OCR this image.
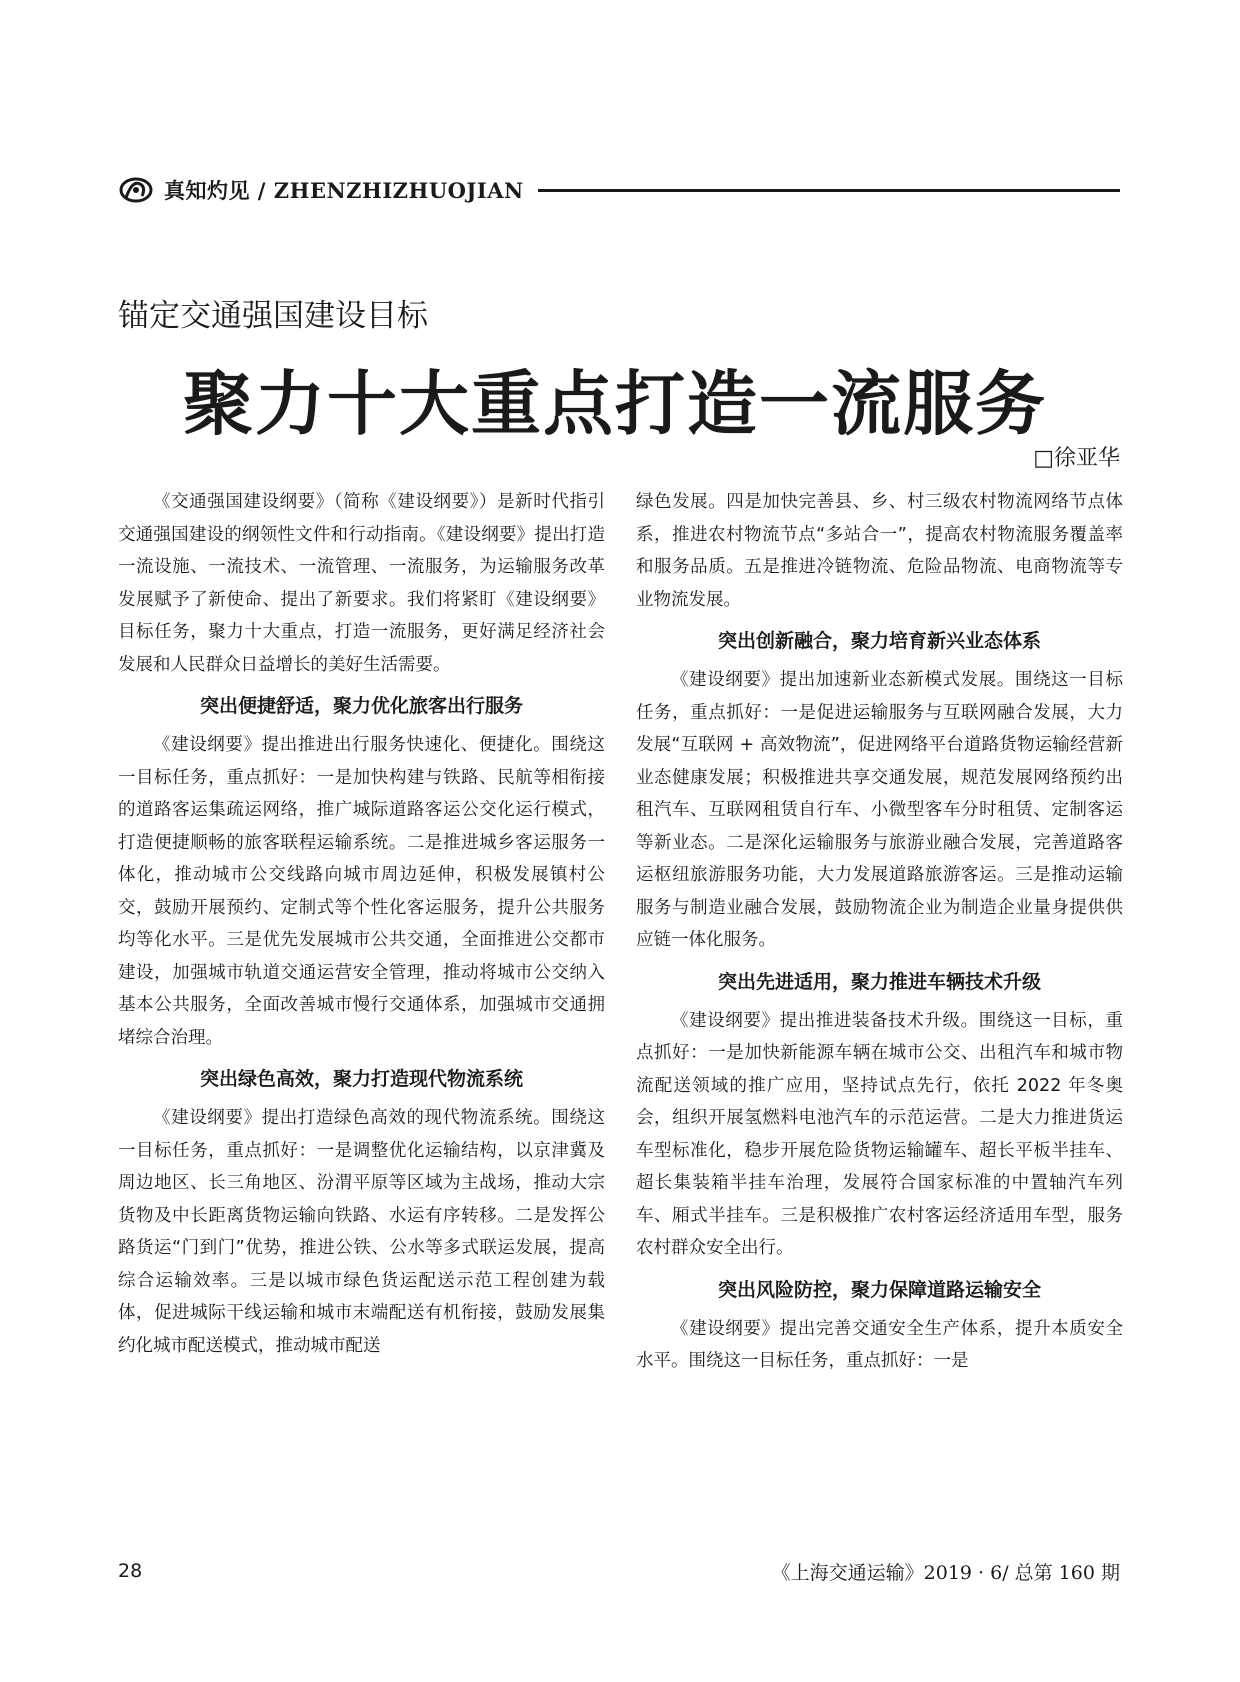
真知灼见 / ZHENZHIZHUOJIAN
锚定交通强国建设目标
聚力十大重点打造一流服务
□徐亚华

《交通强国建设纲要》（简称《建设纲要》）是新时代指引交通强国建设的纲领性文件和行动指南。《建设纲要》提出打造一流设施、一流技术、一流管理、一流服务，为运输服务改革发展赋予了新使命、提出了新要求。我们将紧盯《建设纲要》目标任务，聚力十大重点，打造一流服务，更好满足经济社会发展和人民群众日益增长的美好生活需要。

突出便捷舒适，聚力优化旅客出行服务

《建设纲要》提出推进出行服务快速化、便捷化。围绕这一目标任务，重点抓好：一是加快构建与铁路、民航等相衔接的道路客运集疏运网络，推广城际道路客运公交化运行模式，打造便捷顺畅的旅客联程运输系统。二是推进城乡客运服务一体化，推动城市公交线路向城市周边延伸，积极发展镇村公交，鼓励开展预约、定制式等个性化客运服务，提升公共服务均等化水平。三是优先发展城市公共交通，全面推进公交都市建设，加强城市轨道交通运营安全管理，推动将城市公交纳入基本公共服务，全面改善城市慢行交通体系，加强城市交通拥堵综合治理。

突出绿色高效，聚力打造现代物流系统

《建设纲要》提出打造绿色高效的现代物流系统。围绕这一目标任务，重点抓好：一是调整优化运输结构，以京津冀及周边地区、长三角地区、汾渭平原等区域为主战场，推动大宗货物及中长距离货物运输向铁路、水运有序转移。二是发挥公路货运“门到门”优势，推进公铁、公水等多式联运发展，提高综合运输效率。三是以城市绿色货运配送示范工程创建为载体，促进城际干线运输和城市末端配送有机衔接，鼓励发展集约化城市配送模式，推动城市配送

绿色发展。四是加快完善县、乡、村三级农村物流网络节点体系，推进农村物流节点“多站合一”，提高农村物流服务覆盖率和服务品质。五是推进冷链物流、危险品物流、电商物流等专业物流发展。

突出创新融合，聚力培育新兴业态体系

《建设纲要》提出加速新业态新模式发展。围绕这一目标任务，重点抓好：一是促进运输服务与互联网融合发展，大力发展“互联网 + 高效物流”，促进网络平台道路货物运输经营新业态健康发展；积极推进共享交通发展，规范发展网络预约出租汽车、互联网租赁自行车、小微型客车分时租赁、定制客运等新业态。二是深化运输服务与旅游业融合发展，完善道路客运枢纽旅游服务功能，大力发展道路旅游客运。三是推动运输服务与制造业融合发展，鼓励物流企业为制造企业量身提供供应链一体化服务。

突出先进适用，聚力推进车辆技术升级

《建设纲要》提出推进装备技术升级。围绕这一目标，重点抓好：一是加快新能源车辆在城市公交、出租汽车和城市物流配送领域的推广应用，坚持试点先行，依托 2022 年冬奥会，组织开展氢燃料电池汽车的示范运营。二是大力推进货运车型标准化，稳步开展危险货物运输罐车、超长平板半挂车、超长集装箱半挂车治理，发展符合国家标准的中置轴汽车列车、厢式半挂车。三是积极推广农村客运经济适用车型，服务农村群众安全出行。

突出风险防控，聚力保障道路运输安全

《建设纲要》提出完善交通安全生产体系，提升本质安全水平。围绕这一目标任务，重点抓好：一是

28	《上海交通运输》2019 · 6/ 总第 160 期
